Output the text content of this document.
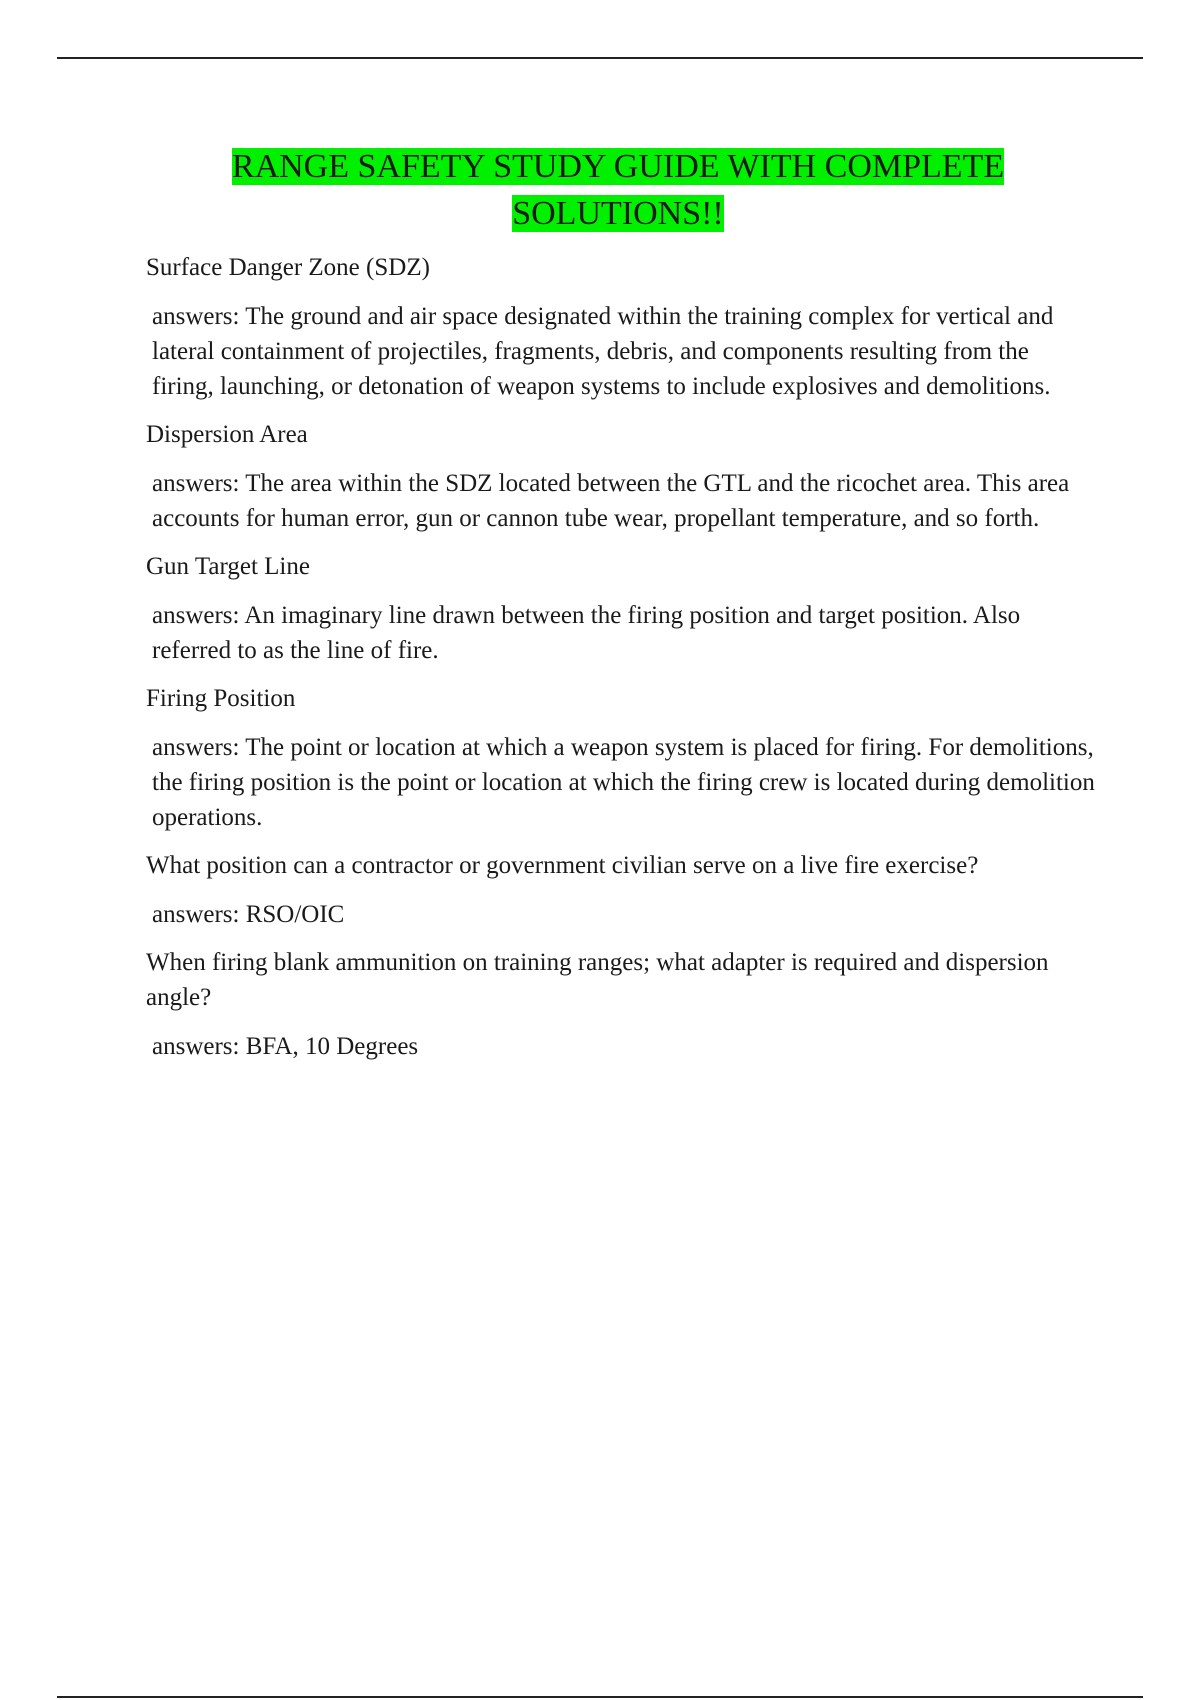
RANGE SAFETY STUDY GUIDE WITH COMPLETE SOLUTIONS!!

Surface Danger Zone (SDZ)

answers: The ground and air space designated within the training complex for vertical and lateral containment of projectiles, fragments, debris, and components resulting from the firing, launching, or detonation of weapon systems to include explosives and demolitions.

Dispersion Area

answers: The area within the SDZ located between the GTL and the ricochet area. This area accounts for human error, gun or cannon tube wear, propellant temperature, and so forth.

Gun Target Line

answers: An imaginary line drawn between the firing position and target position. Also referred to as the line of fire.

Firing Position

answers: The point or location at which a weapon system is placed for firing. For demolitions, the firing position is the point or location at which the firing crew is located during demolition operations.

What position can a contractor or government civilian serve on a live fire exercise?

answers: RSO/OIC

When firing blank ammunition on training ranges; what adapter is required and dispersion angle?

answers: BFA, 10 Degrees
